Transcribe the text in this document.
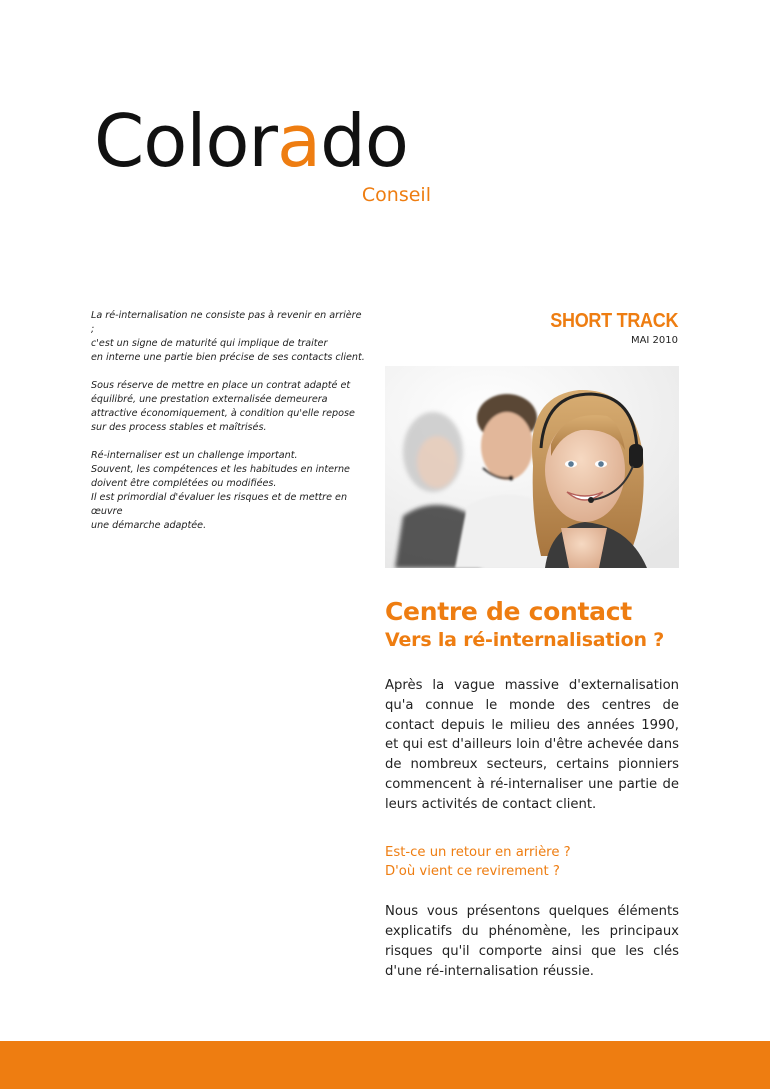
Colorado
Conseil

La ré-internalisation ne consiste pas à revenir en arrière ;
c'est un signe de maturité qui implique de traiter
en interne une partie bien précise de ses contacts client.

Sous réserve de mettre en place un contrat adapté et
équilibré, une prestation externalisée demeurera
attractive économiquement, à condition qu'elle repose
sur des process stables et maîtrisés.

Ré-internaliser est un challenge important.
Souvent, les compétences et les habitudes en interne
doivent être complétées ou modifiées.
Il est primordial d'évaluer les risques et de mettre en œuvre
une démarche adaptée.

SHORT TRACK
MAI 2010
Centre de contact
Vers la ré-internalisation ?

Après la vague massive d'externalisation qu'a connue le monde des centres de contact depuis le milieu des années 1990, et qui est d'ailleurs loin d'être achevée dans de nombreux secteurs, certains pionniers commencent à ré-internaliser une partie de leurs activités de contact client.

Est-ce un retour en arrière ?
D'où vient ce revirement ?

Nous vous présentons quelques éléments explicatifs du phénomène, les principaux risques qu'il comporte ainsi que les clés d'une ré-internalisation réussie.
